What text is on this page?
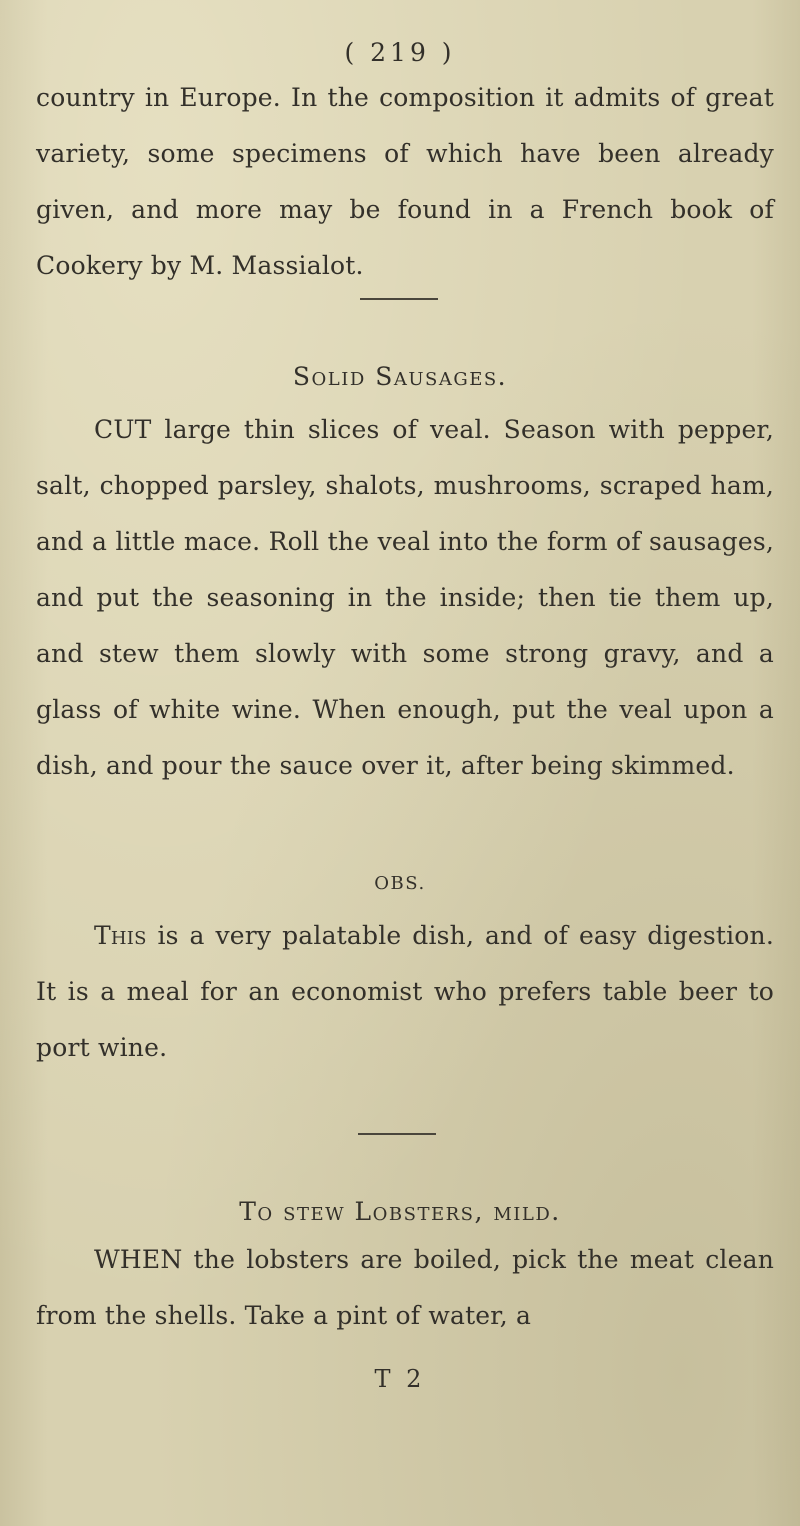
( 219 )
country in Europe. In the composition it admits of great variety, some specimens of which have been already given, and more may be found in a French book of Cookery by M. Massialot.
Solid Sausages.
CUT large thin slices of veal. Season with pepper, salt, chopped parsley, shalots, mushrooms, scraped ham, and a little mace. Roll the veal into the form of sausages, and put the seasoning in the inside; then tie them up, and stew them slowly with some strong gravy, and a glass of white wine. When enough, put the veal upon a dish, and pour the sauce over it, after being skimmed.
OBS.
This is a very palatable dish, and of easy digestion. It is a meal for an economist who prefers table beer to port wine.
To stew Lobsters, mild.
WHEN the lobsters are boiled, pick the meat clean from the shells. Take a pint of water, a
T 2
